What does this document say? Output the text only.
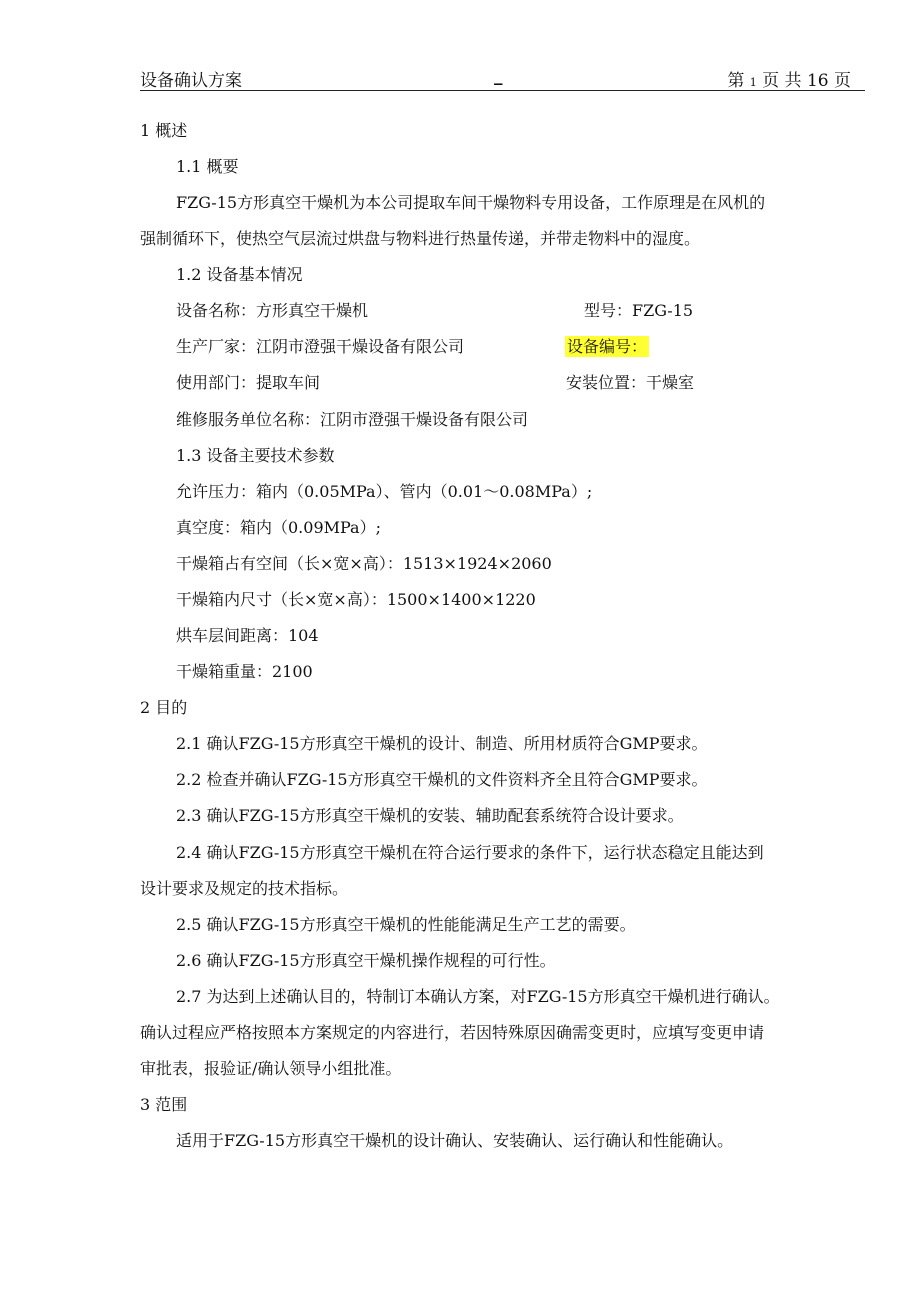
设备确认方案	_	第 1 页 共 16 页
1 概述
1.1 概要
FZG-15方形真空干燥机为本公司提取车间干燥物料专用设备，工作原理是在风机的
强制循环下，使热空气层流过烘盘与物料进行热量传递，并带走物料中的湿度。
1.2 设备基本情况
设备名称：方形真空干燥机	型号：FZG-15
生产厂家：江阴市澄强干燥设备有限公司	设备编号：
使用部门：提取车间	安装位置：干燥室
维修服务单位名称：江阴市澄强干燥设备有限公司
1.3 设备主要技术参数
允许压力：箱内（0.05MPa）、管内（0.01～0.08MPa）;
真空度：箱内（0.09MPa）;
干燥箱占有空间（长×宽×高）：1513×1924×2060
干燥箱内尺寸（长×宽×高）：1500×1400×1220
烘车层间距离：104
干燥箱重量：2100
2 目的
2.1 确认FZG-15方形真空干燥机的设计、制造、所用材质符合GMP要求。
2.2 检查并确认FZG-15方形真空干燥机的文件资料齐全且符合GMP要求。
2.3 确认FZG-15方形真空干燥机的安装、辅助配套系统符合设计要求。
2.4 确认FZG-15方形真空干燥机在符合运行要求的条件下，运行状态稳定且能达到
设计要求及规定的技术指标。
2.5 确认FZG-15方形真空干燥机的性能能满足生产工艺的需要。
2.6 确认FZG-15方形真空干燥机操作规程的可行性。
2.7 为达到上述确认目的，特制订本确认方案，对FZG-15方形真空干燥机进行确认。
确认过程应严格按照本方案规定的内容进行，若因特殊原因确需变更时，应填写变更申请
审批表，报验证/确认领导小组批准。
3 范围
适用于FZG-15方形真空干燥机的设计确认、安装确认、运行确认和性能确认。
